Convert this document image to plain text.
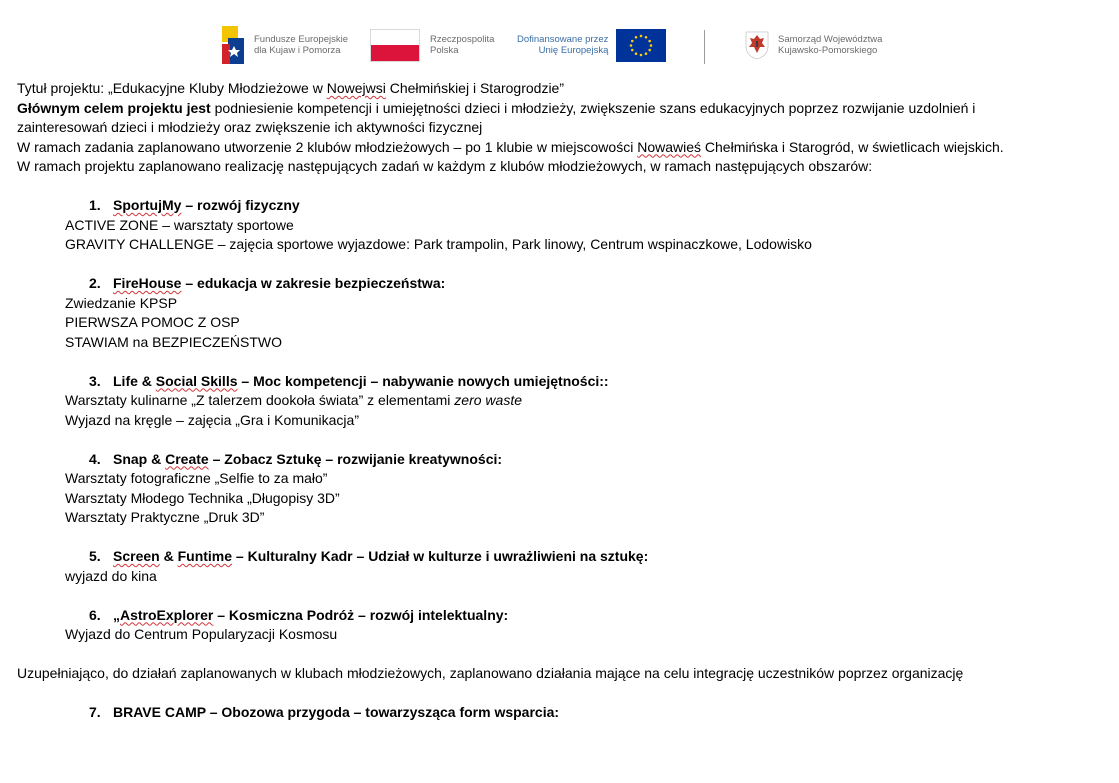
Fundusze Europejskie
dla Kujaw i Pomorza
Rzeczpospolita
Polska
Dofinansowane przez
Unię Europejską
Samorząd Województwa
Kujawsko-Pomorskiego
Tytuł projektu: „Edukacyjne Kluby Młodzieżowe w Nowejwsi Chełmińskiej i Starogrodzie”
Głównym celem projektu jest podniesienie kompetencji i umiejętności dzieci i młodzieży, zwiększenie szans edukacyjnych poprzez rozwijanie uzdolnień i
zainteresowań dzieci i młodzieży oraz zwiększenie ich aktywności fizycznej
W ramach zadania zaplanowano utworzenie 2 klubów młodzieżowych – po 1 klubie w miejscowości Nowawieś Chełmińska i Starogród, w świetlicach wiejskich.
W ramach projektu zaplanowano realizację następujących zadań w każdym z klubów młodzieżowych, w ramach następujących obszarów:
1. SportujMy – rozwój fizyczny
ACTIVE ZONE – warsztaty sportowe
GRAVITY CHALLENGE – zajęcia sportowe wyjazdowe: Park trampolin, Park linowy, Centrum wspinaczkowe, Lodowisko
2. FireHouse – edukacja w zakresie bezpieczeństwa:
Zwiedzanie KPSP
PIERWSZA POMOC Z OSP
STAWIAM na BEZPIECZEŃSTWO
3. Life & Social Skills – Moc kompetencji – nabywanie nowych umiejętności::
Warsztaty kulinarne „Z talerzem dookoła świata” z elementami zero waste
Wyjazd na kręgle – zajęcia „Gra i Komunikacja”
4. Snap & Create – Zobacz Sztukę – rozwijanie kreatywności:
Warsztaty fotograficzne „Selfie to za mało”
Warsztaty Młodego Technika „Długopisy 3D”
Warsztaty Praktyczne „Druk 3D”
5. Screen & Funtime – Kulturalny Kadr – Udział w kulturze i uwrażliwieni na sztukę:
wyjazd do kina
6. „AstroExplorer – Kosmiczna Podróż – rozwój intelektualny:
Wyjazd do Centrum Popularyzacji Kosmosu
Uzupełniająco, do działań zaplanowanych w klubach młodzieżowych, zaplanowano działania mające na celu integrację uczestników poprzez organizację
7. BRAVE CAMP – Obozowa przygoda – towarzysząca form wsparcia:
